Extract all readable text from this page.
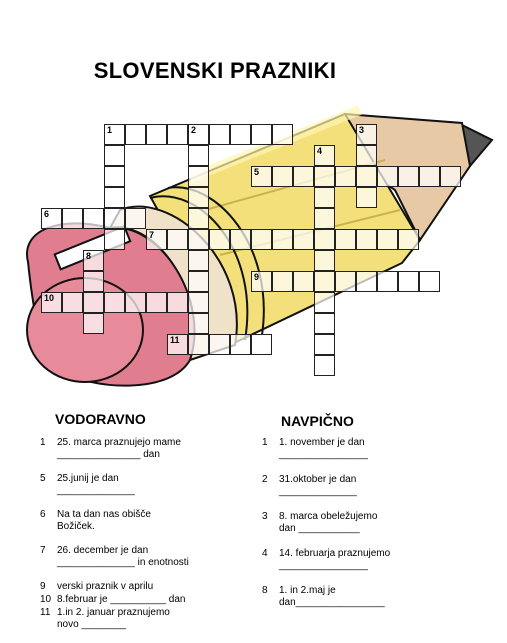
SLOVENSKI PRAZNIKI
1	2	3
4
5
6
7
8
9
10
11
VODORAVNO	NAVPIČNO
1	25. marca praznujejo mame
_______________ dan
5	25.junij je dan
______________
6	Na ta dan nas obišče
Božiček.
7	26. december je dan
______________ in enotnosti
9	verski praznik v aprilu
10 8.februar je __________ dan
11 1.in 2. januar praznujemo
novo ________
1	1. november je dan
________________
2	31.oktober je dan
______________
3	8. marca obeležujemo
dan ___________
4	14. februarja praznujemo
________________
8	1. in 2.maj je
dan________________
